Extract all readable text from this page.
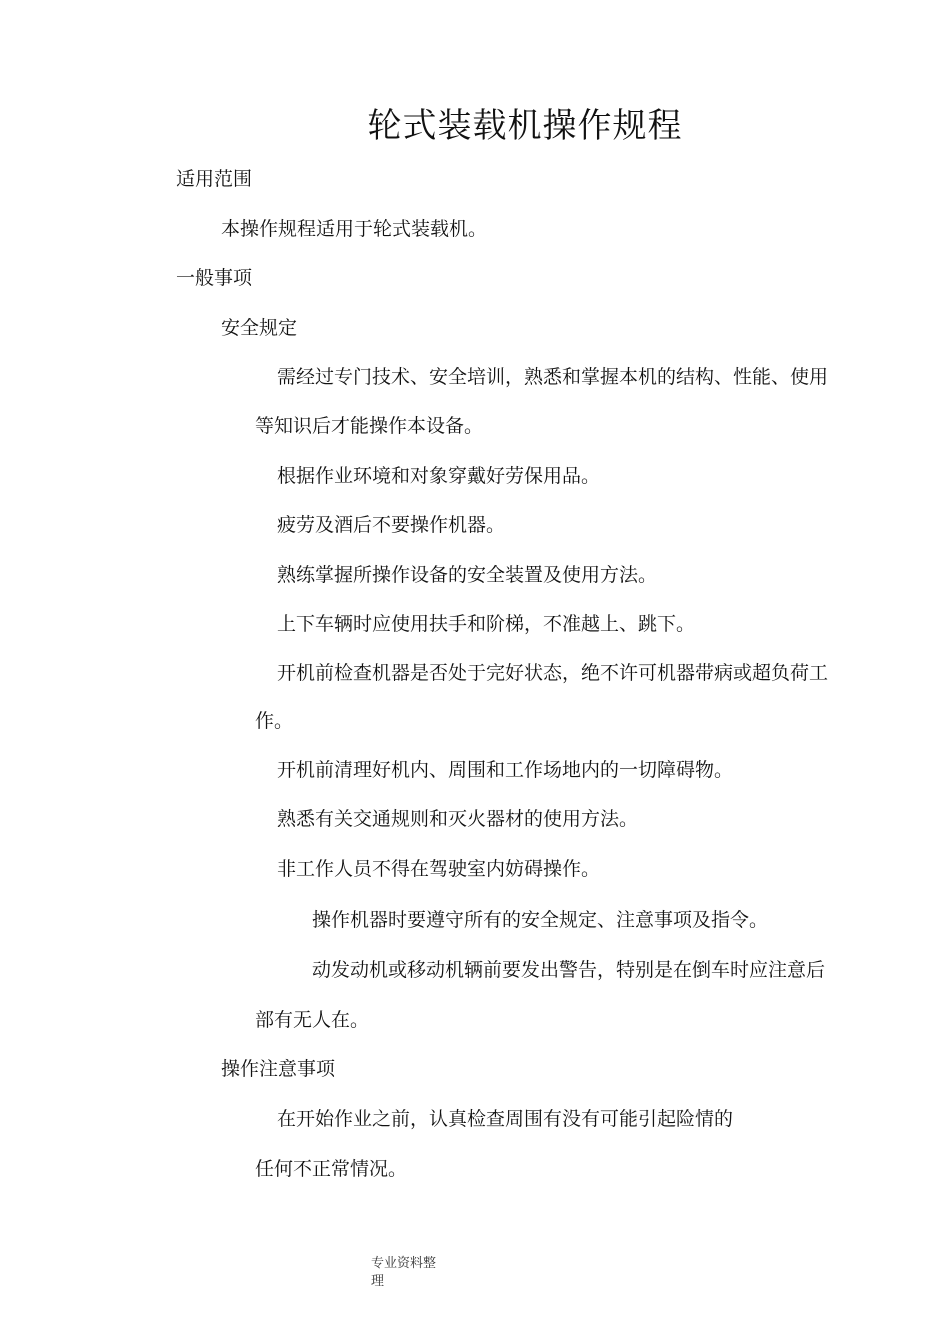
轮式装载机操作规程
适用范围
本操作规程适用于轮式装载机。
一般事项
安全规定
需经过专门技术、安全培训，熟悉和掌握本机的结构、性能、使用
等知识后才能操作本设备。
根据作业环境和对象穿戴好劳保用品。
疲劳及酒后不要操作机器。
熟练掌握所操作设备的安全装置及使用方法。
上下车辆时应使用扶手和阶梯，不准越上、跳下。
开机前检查机器是否处于完好状态，绝不许可机器带病或超负荷工
作。
开机前清理好机内、周围和工作场地内的一切障碍物。
熟悉有关交通规则和灭火器材的使用方法。
非工作人员不得在驾驶室内妨碍操作。
操作机器时要遵守所有的安全规定、注意事项及指令。
动发动机或移动机辆前要发出警告，特别是在倒车时应注意后
部有无人在。
操作注意事项
在开始作业之前，认真检查周围有没有可能引起险情的
任何不正常情况。
专业资料整
理
